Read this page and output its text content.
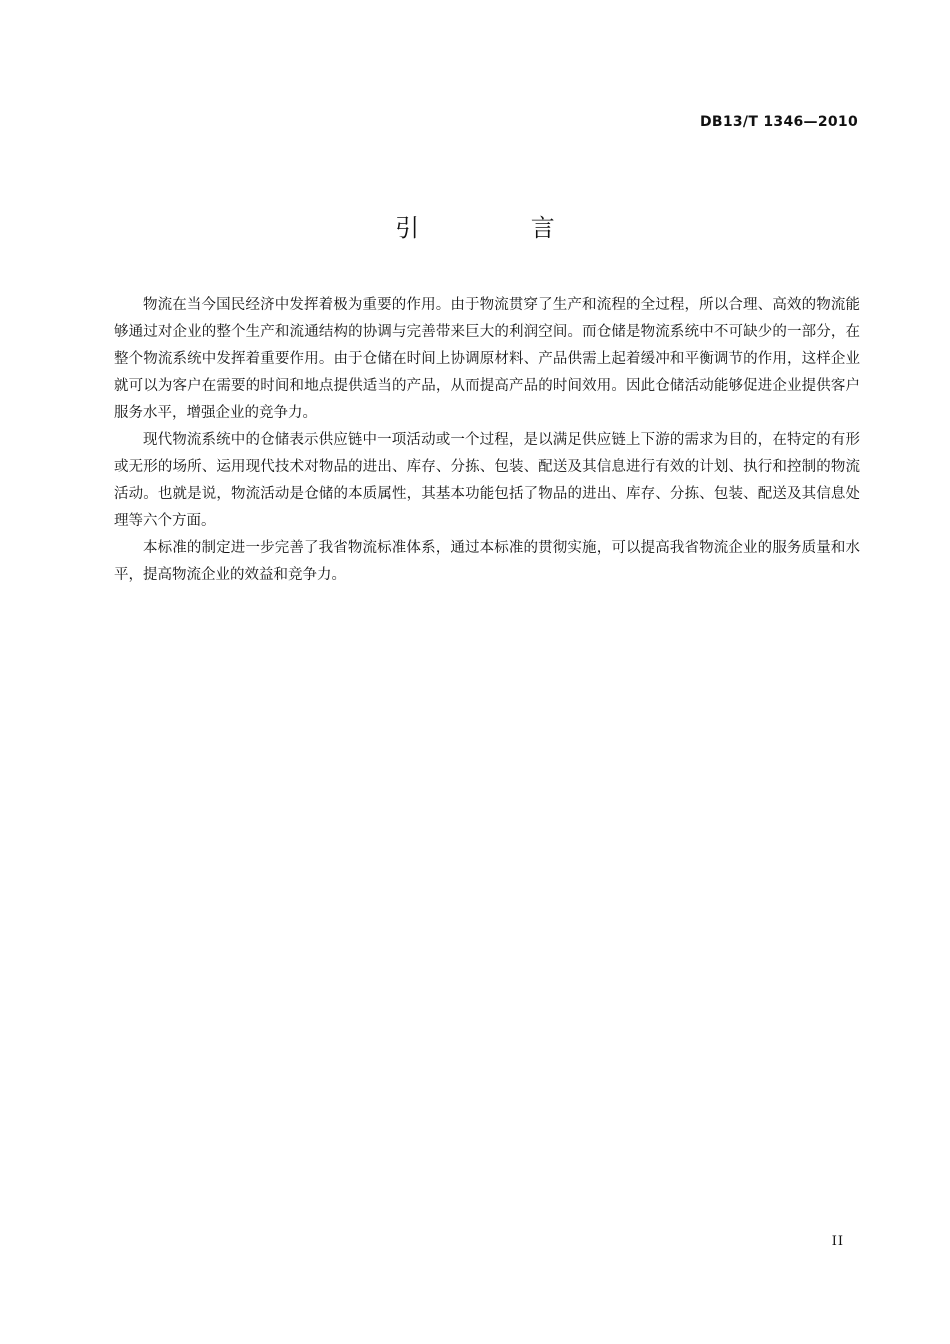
DB13/T 1346—2010
引 言

物流在当今国民经济中发挥着极为重要的作用。由于物流贯穿了生产和流程的全过程，所以合理、高效的物流能够通过对企业的整个生产和流通结构的协调与完善带来巨大的利润空间。而仓储是物流系统中不可缺少的一部分，在整个物流系统中发挥着重要作用。由于仓储在时间上协调原材料、产品供需上起着缓冲和平衡调节的作用，这样企业就可以为客户在需要的时间和地点提供适当的产品，从而提高产品的时间效用。因此仓储活动能够促进企业提供客户服务水平，增强企业的竞争力。

现代物流系统中的仓储表示供应链中一项活动或一个过程，是以满足供应链上下游的需求为目的，在特定的有形或无形的场所、运用现代技术对物品的进出、库存、分拣、包装、配送及其信息进行有效的计划、执行和控制的物流活动。也就是说，物流活动是仓储的本质属性，其基本功能包括了物品的进出、库存、分拣、包装、配送及其信息处理等六个方面。

本标准的制定进一步完善了我省物流标准体系，通过本标准的贯彻实施，可以提高我省物流企业的服务质量和水平，提高物流企业的效益和竞争力。

II
